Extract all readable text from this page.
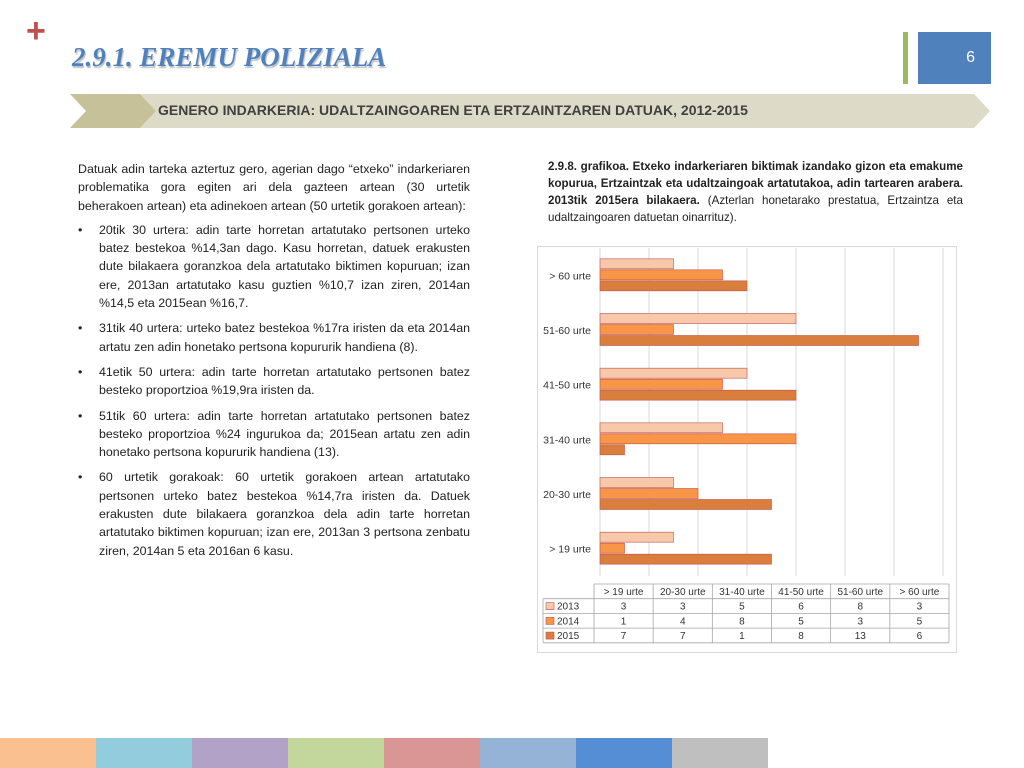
+
2.9.1. EREMU POLIZIALA	6
GENERO INDARKERIA: UDALTZAINGOAREN ETA ERTZAINTZAREN DATUAK, 2012-2015

Datuak adin tarteka aztertuz gero, agerian dago “etxeko” indarkeriaren problematika gora egiten ari dela gazteen artean (30 urtetik beherakoen artean) eta adinekoen artean (50 urtetik gorakoen artean):

• 20tik 30 urtera: adin tarte horretan artatutako pertsonen urteko batez bestekoa %14,3an dago. Kasu horretan, datuek erakusten dute bilakaera goranzkoa dela artatutako biktimen kopuruan; izan ere, 2013an artatutako kasu guztien %10,7 izan ziren, 2014an %14,5 eta 2015ean %16,7.
• 31tik 40 urtera: urteko batez bestekoa %17ra iristen da eta 2014an artatu zen adin honetako pertsona kopururik handiena (8).
• 41etik 50 urtera: adin tarte horretan artatutako pertsonen batez besteko proportzioa %19,9ra iristen da.
• 51tik 60 urtera: adin tarte horretan artatutako pertsonen batez besteko proportzioa %24 ingurukoa da; 2015ean artatu zen adin honetako pertsona kopururik handiena (13).
• 60 urtetik gorakoak: 60 urtetik gorakoen artean artatutako pertsonen urteko batez bestekoa %14,7ra iristen da. Datuek erakusten dute bilakaera goranzkoa dela adin tarte horretan artatutako biktimen kopuruan; izan ere, 2013an 3 pertsona zenbatu ziren, 2014an 5 eta 2016an 6 kasu.
2.9.8. grafikoa. Etxeko indarkeriaren biktimak izandako gizon eta emakume kopurua, Ertzaintzak eta udaltzaingoak artatutakoa, adin tartearen arabera. 2013tik 2015era bilakaera. (Azterlan honetarako prestatua, Ertzaintza eta udaltzaingoaren datuetan oinarrituz).
> 19 urte
20-30 urte
31-40 urte
41-50 urte
51-60 urte
> 60 urte
> 19 urte 20-30 urte 31-40 urte 41-50 urte 51-60 urte > 60 urte
2013	3	3	5	6	8	3
2014	1	4	8	5	3	5
2015	7	7	1	8	13	6
